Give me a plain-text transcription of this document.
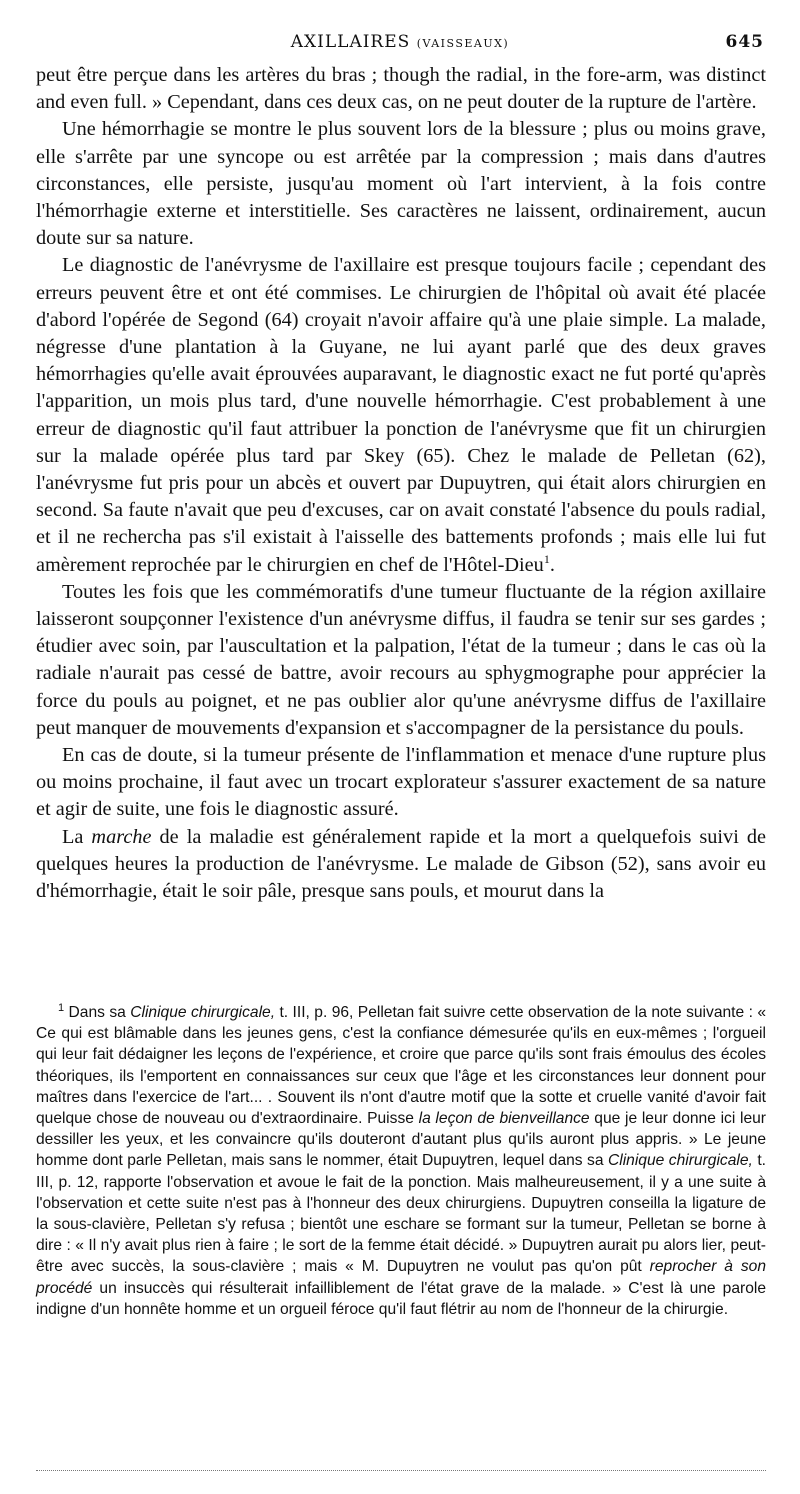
AXILLAIRES (VAISSEAUX)	645

peut être perçue dans les artères du bras ; though the radial, in the fore-arm, was distinct and even full. » Cependant, dans ces deux cas, on ne peut douter de la rupture de l'artère.

Une hémorrhagie se montre le plus souvent lors de la blessure ; plus ou moins grave, elle s'arrête par une syncope ou est arrêtée par la compression ; mais dans d'autres circonstances, elle persiste, jusqu'au moment où l'art intervient, à la fois contre l'hémorrhagie externe et interstitielle. Ses caractères ne laissent, ordinairement, aucun doute sur sa nature.

Le diagnostic de l'anévrysme de l'axillaire est presque toujours facile ; cependant des erreurs peuvent être et ont été commises. Le chirurgien de l'hôpital où avait été placée d'abord l'opérée de Segond (64) croyait n'avoir affaire qu'à une plaie simple. La malade, négresse d'une plantation à la Guyane, ne lui ayant parlé que des deux graves hémorrhagies qu'elle avait éprouvées auparavant, le diagnostic exact ne fut porté qu'après l'apparition, un mois plus tard, d'une nouvelle hémorrhagie. C'est probablement à une erreur de diagnostic qu'il faut attribuer la ponction de l'anévrysme que fit un chirurgien sur la malade opérée plus tard par Skey (65). Chez le malade de Pelletan (62), l'anévrysme fut pris pour un abcès et ouvert par Dupuytren, qui était alors chirurgien en second. Sa faute n'avait que peu d'excuses, car on avait constaté l'absence du pouls radial, et il ne rechercha pas s'il existait à l'aisselle des battements profonds ; mais elle lui fut amèrement reprochée par le chirurgien en chef de l'Hôtel-Dieu$^1$.

Toutes les fois que les commémoratifs d'une tumeur fluctuante de la région axillaire laisseront soupçonner l'existence d'un anévrysme diffus, il faudra se tenir sur ses gardes ; étudier avec soin, par l'auscultation et la palpation, l'état de la tumeur ; dans le cas où la radiale n'aurait pas cessé de battre, avoir recours au sphygmographe pour apprécier la force du pouls au poignet, et ne pas oublier alor qu'une anévrysme diffus de l'axillaire peut manquer de mouvements d'expansion et s'accompagner de la persistance du pouls.

En cas de doute, si la tumeur présente de l'inflammation et menace d'une rupture plus ou moins prochaine, il faut avec un trocart explorateur s'assurer exactement de sa nature et agir de suite, une fois le diagnostic assuré.

La marche de la maladie est généralement rapide et la mort a quelquefois suivi de quelques heures la production de l'anévrysme. Le malade de Gibson (52), sans avoir eu d'hémorrhagie, était le soir pâle, presque sans pouls, et mourut dans la

$^1$ Dans sa Clinique chirurgicale, t. III, p. 96, Pelletan fait suivre cette observation de la note suivante : « Ce qui est blâmable dans les jeunes gens, c'est la confiance démesurée qu'ils en eux-mêmes ; l'orgueil qui leur fait dédaigner les leçons de l'expérience, et croire que parce qu'ils sont frais émoulus des écoles théoriques, ils l'emportent en connaissances sur ceux que l'âge et les circonstances leur donnent pour maîtres dans l'exercice de l'art... . Souvent ils n'ont d'autre motif que la sotte et cruelle vanité d'avoir fait quelque chose de nouveau ou d'extraordinaire. Puisse la leçon de bienveillance que je leur donne ici leur dessiller les yeux, et les convaincre qu'ils douteront d'autant plus qu'ils auront plus appris. » Le jeune homme dont parle Pelletan, mais sans le nommer, était Dupuytren, lequel dans sa Clinique chirurgicale, t. III, p. 12, rapporte l'observation et avoue le fait de la ponction. Mais malheureusement, il y a une suite à l'observation et cette suite n'est pas à l'honneur des deux chirurgiens. Dupuytren conseilla la ligature de la sous-clavière, Pelletan s'y refusa ; bientôt une eschare se formant sur la tumeur, Pelletan se borne à dire : « Il n'y avait plus rien à faire ; le sort de la femme était décidé. » Dupuytren aurait pu alors lier, peut-être avec succès, la sous-clavière ; mais « M. Dupuytren ne voulut pas qu'on pût reprocher à son procédé un insuccès qui résulterait infailliblement de l'état grave de la malade. » C'est là une parole indigne d'un honnête homme et un orgueil féroce qu'il faut flétrir au nom de l'honneur de la chirurgie.
